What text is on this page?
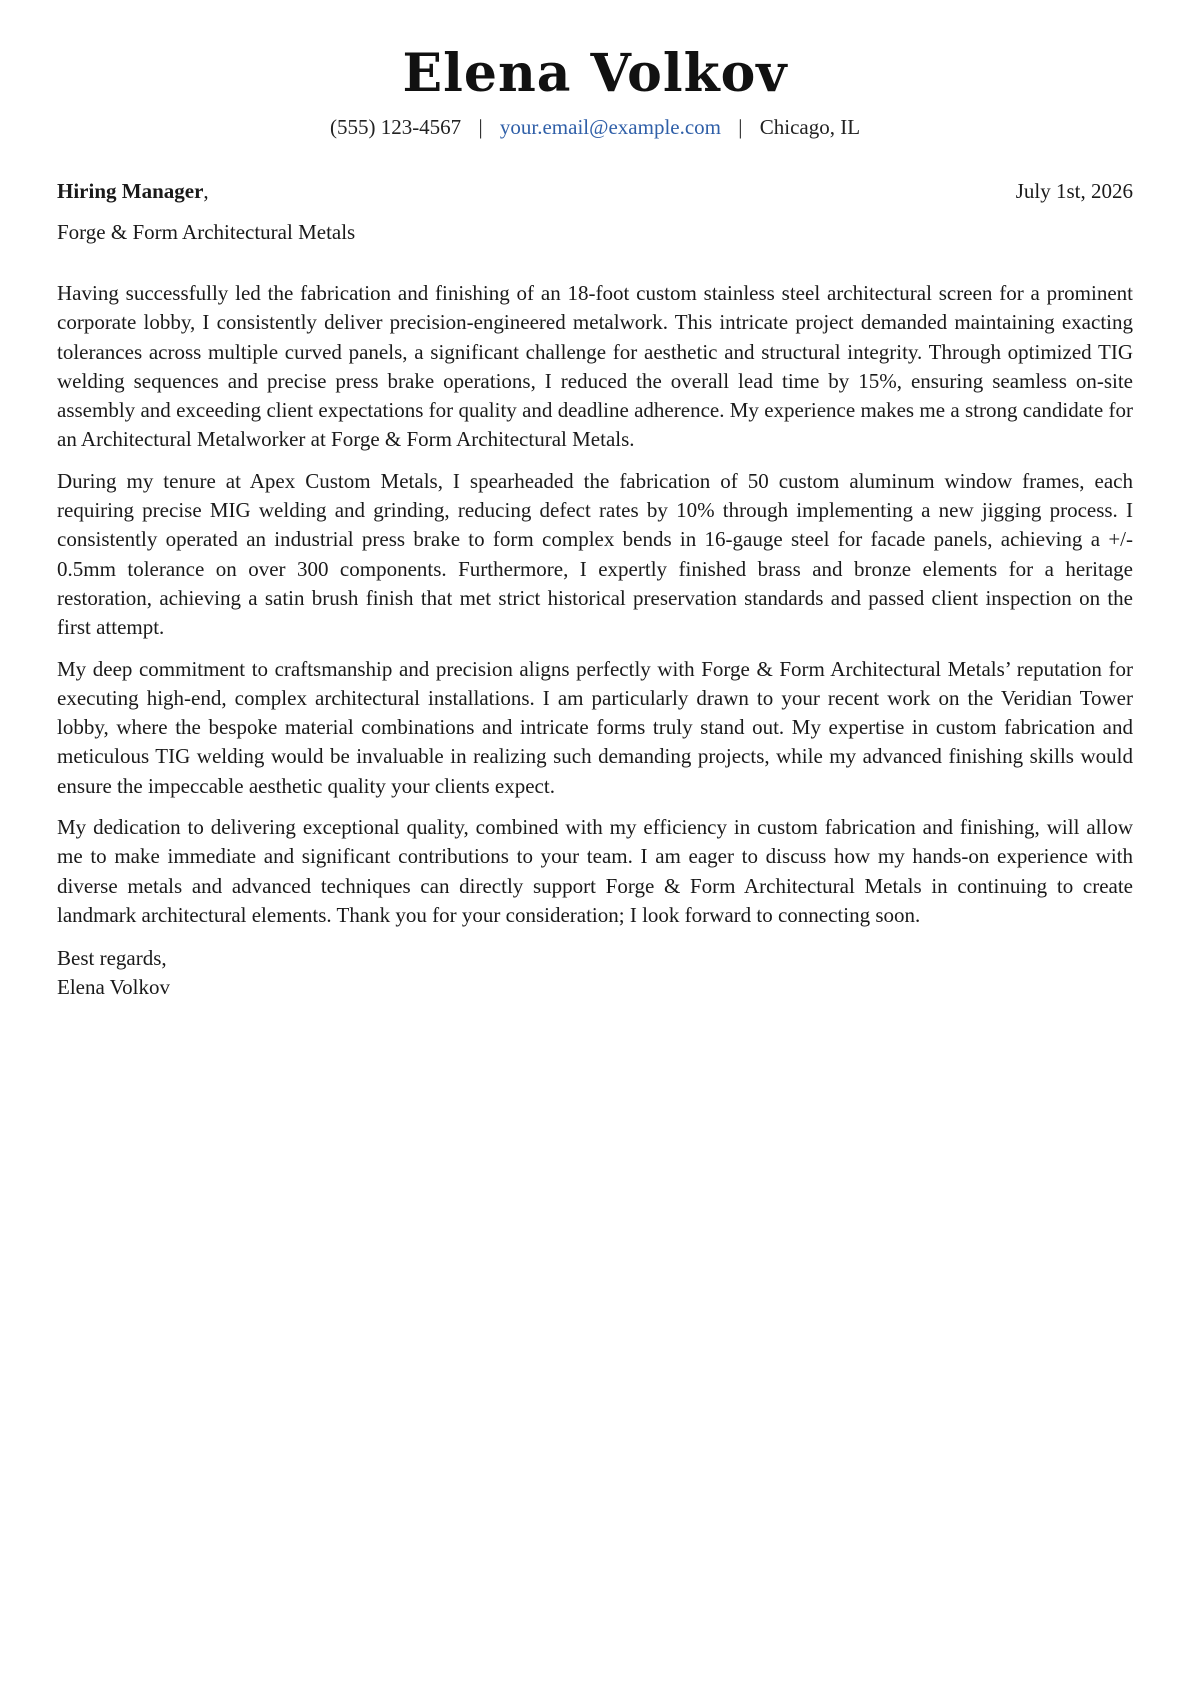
Elena Volkov
(555) 123-4567 | your.email@example.com | Chicago, IL
Hiring Manager,	July 1st, 2026
Forge & Form Architectural Metals

Having successfully led the fabrication and finishing of an 18-foot custom stainless steel architectural screen for a prominent corporate lobby, I consistently deliver precision-engineered metalwork. This intricate project demanded maintaining exacting tolerances across multiple curved panels, a significant challenge for aesthetic and structural integrity. Through optimized TIG welding sequences and precise press brake operations, I reduced the overall lead time by 15%, ensuring seamless on-site assembly and exceeding client expectations for quality and deadline adherence. My experience makes me a strong candidate for an Architectural Metalworker at Forge & Form Architectural Metals.

During my tenure at Apex Custom Metals, I spearheaded the fabrication of 50 custom aluminum window frames, each requiring precise MIG welding and grinding, reducing defect rates by 10% through implementing a new jigging process. I consistently operated an industrial press brake to form complex bends in 16-gauge steel for facade panels, achieving a +/- 0.5mm tolerance on over 300 components. Furthermore, I expertly finished brass and bronze elements for a heritage restoration, achieving a satin brush finish that met strict historical preservation standards and passed client inspection on the first attempt.

My deep commitment to craftsmanship and precision aligns perfectly with Forge & Form Architectural Metals’ reputation for executing high-end, complex architectural installations. I am particularly drawn to your recent work on the Veridian Tower lobby, where the bespoke material combinations and intricate forms truly stand out. My expertise in custom fabrication and meticulous TIG welding would be invaluable in realizing such demanding projects, while my advanced finishing skills would ensure the impeccable aesthetic quality your clients expect.

My dedication to delivering exceptional quality, combined with my efficiency in custom fabrication and finishing, will allow me to make immediate and significant contributions to your team. I am eager to discuss how my hands-on experience with diverse metals and advanced techniques can directly support Forge & Form Architectural Metals in continuing to create landmark architectural elements. Thank you for your consideration; I look forward to connecting soon.

Best regards,
Elena Volkov
